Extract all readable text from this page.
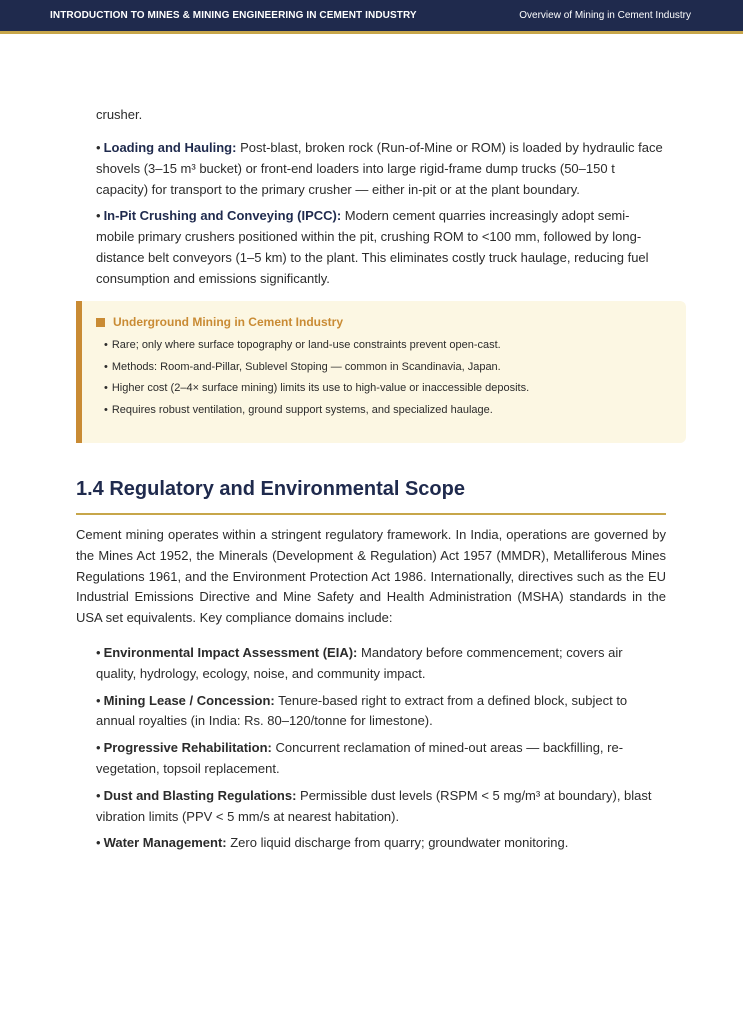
INTRODUCTION TO MINES & MINING ENGINEERING IN CEMENT INDUSTRY	Overview of Mining in Cement Industry
crusher.
• Loading and Hauling: Post-blast, broken rock (Run-of-Mine or ROM) is loaded by hydraulic face shovels (3–15 m³ bucket) or front-end loaders into large rigid-frame dump trucks (50–150 t capacity) for transport to the primary crusher — either in-pit or at the plant boundary.
• In-Pit Crushing and Conveying (IPCC): Modern cement quarries increasingly adopt semi-mobile primary crushers positioned within the pit, crushing ROM to <100 mm, followed by long-distance belt conveyors (1–5 km) to the plant. This eliminates costly truck haulage, reducing fuel consumption and emissions significantly.
Underground Mining in Cement Industry
• Rare; only where surface topography or land-use constraints prevent open-cast.
• Methods: Room-and-Pillar, Sublevel Stoping — common in Scandinavia, Japan.
• Higher cost (2–4× surface mining) limits its use to high-value or inaccessible deposits.
• Requires robust ventilation, ground support systems, and specialized haulage.
1.4 Regulatory and Environmental Scope
Cement mining operates within a stringent regulatory framework. In India, operations are governed by the Mines Act 1952, the Minerals (Development & Regulation) Act 1957 (MMDR), Metalliferous Mines Regulations 1961, and the Environment Protection Act 1986. Internationally, directives such as the EU Industrial Emissions Directive and Mine Safety and Health Administration (MSHA) standards in the USA set equivalents. Key compliance domains include:
• Environmental Impact Assessment (EIA): Mandatory before commencement; covers air quality, hydrology, ecology, noise, and community impact.
• Mining Lease / Concession: Tenure-based right to extract from a defined block, subject to annual royalties (in India: Rs. 80–120/tonne for limestone).
• Progressive Rehabilitation: Concurrent reclamation of mined-out areas — backfilling, re-vegetation, topsoil replacement.
• Dust and Blasting Regulations: Permissible dust levels (RSPM < 5 mg/m³ at boundary), blast vibration limits (PPV < 5 mm/s at nearest habitation).
• Water Management: Zero liquid discharge from quarry; groundwater monitoring.
